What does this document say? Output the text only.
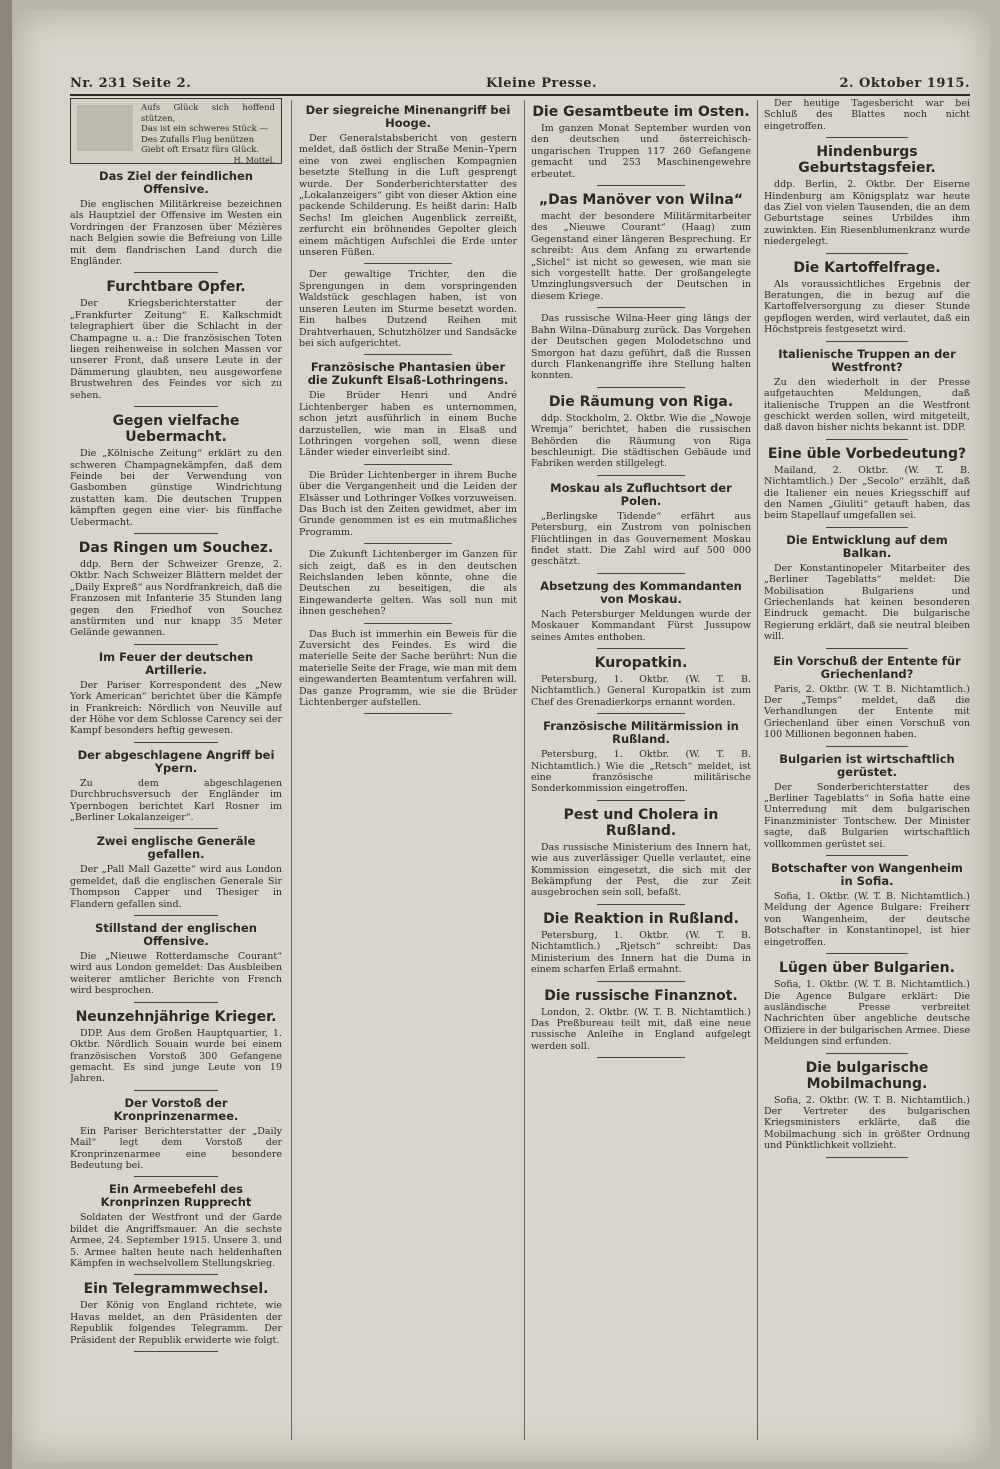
Nr. 231 Seite 2.	Kleine Presse.	2. Oktober 1915.
Aufs Glück sich hoffend stützen,
Das ist ein schweres Stück —
Des Zufalls Flug benützen
Giebt oft Ersatz fürs Glück.
H. Mottel.
Das Ziel der feindlichen Offensive.

Die englischen Militärkreise bezeichnen als Hauptziel der Offensive im Westen ein Vordringen der Franzosen über Mézières nach Belgien sowie die Befreiung von Lille mit dem flandrischen Land durch die Engländer.

Furchtbare Opfer.

Der Kriegsberichterstatter der „Frankfurter Zeitung“ E. Kalkschmidt telegraphiert über die Schlacht in der Champagne u. a.: Die französischen Toten liegen reihenweise in solchen Massen vor unserer Front, daß unsere Leute in der Dämmerung glaubten, neu ausgeworfene Brustwehren des Feindes vor sich zu sehen.

Gegen vielfache Uebermacht.

Die „Kölnische Zeitung“ erklärt zu den schweren Champagnekämpfen, daß dem Feinde bei der Verwendung von Gasbomben günstige Windrichtung zustatten kam. Die deutschen Truppen kämpften gegen eine vier- bis fünffache Uebermacht.

Das Ringen um Souchez.

ddp. Bern der Schweizer Grenze, 2. Oktbr. Nach Schweizer Blättern meldet der „Daily Expreß“ aus Nordfrankreich, daß die Franzosen mit Infanterie 35 Stunden lang gegen den Friedhof von Souchez anstürmten und nur knapp 35 Meter Gelände gewannen.

Im Feuer der deutschen Artillerie.

Der Pariser Korrespondent des „New York American“ berichtet über die Kämpfe in Frankreich: Nördlich von Neuville auf der Höhe vor dem Schlosse Carency sei der Kampf besonders heftig gewesen.

Der abgeschlagene Angriff bei Ypern.

Zu dem abgeschlagenen Durchbruchsversuch der Engländer im Ypernbogen berichtet Karl Rosner im „Berliner Lokalanzeiger“.

Zwei englische Generäle gefallen.

Der „Pall Mall Gazette“ wird aus London gemeldet, daß die englischen Generale Sir Thompson Capper und Thesiger in Flandern gefallen sind.

Stillstand der englischen Offensive.

Die „Nieuwe Rotterdamsche Courant“ wird aus London gemeldet: Das Ausbleiben weiterer amtlicher Berichte von French wird besprochen.

Neunzehnjährige Krieger.

DDP. Aus dem Großen Hauptquartier, 1. Oktbr. Nördlich Souain wurde bei einem französischen Vorstoß 300 Gefangene gemacht. Es sind junge Leute von 19 Jahren.

Der Vorstoß der Kronprinzenarmee.

Ein Pariser Berichterstatter der „Daily Mail“ legt dem Vorstoß der Kronprinzenarmee eine besondere Bedeutung bei.

Ein Armeebefehl des Kronprinzen Rupprecht

Soldaten der Westfront und der Garde bildet die Angriffsmauer. An die sechste Armee, 24. September 1915. Unsere 3. und 5. Armee halten heute nach heldenhaften Kämpfen in wechselvollem Stellungskrieg.

Ein Telegrammwechsel.

Der König von England richtete, wie Havas meldet, an den Präsidenten der Republik folgendes Telegramm. Der Präsident der Republik erwiderte wie folgt.

Der siegreiche Minenangriff bei Hooge.

Der Generalstabsbericht von gestern meldet, daß östlich der Straße Menin–Ypern eine von zwei englischen Kompagnien besetzte Stellung in die Luft gesprengt wurde. Der Sonderberichterstatter des „Lokalanzeigers“ gibt von dieser Aktion eine packende Schilderung. Es heißt darin: Halb Sechs! Im gleichen Augenblick zerreißt, zerfurcht ein bröhnendes Gepolter gleich einem mächtigen Aufschlei die Erde unter unseren Füßen.

Der gewaltige Trichter, den die Sprengungen in dem vorspringenden Waldstück geschlagen haben, ist von unseren Leuten im Sturme besetzt worden. Ein halbes Dutzend Reihen mit Drahtverhauen, Schutzhölzer und Sandsäcke bei sich aufgerichtet.

Französische Phantasien über die Zukunft Elsaß-Lothringens.

Die Brüder Henri und André Lichtenberger haben es unternommen, schon jetzt ausführlich in einem Buche darzustellen, wie man in Elsaß und Lothringen vorgehen soll, wenn diese Länder wieder einverleibt sind.

Die Brüder Lichtenberger in ihrem Buche über die Vergangenheit und die Leiden der Elsässer und Lothringer Volkes vorzuweisen. Das Buch ist den Zeiten gewidmet, aber im Grunde genommen ist es ein mutmaßliches Programm.

Die Zukunft Lichtenberger im Ganzen für sich zeigt, daß es in den deutschen Reichslanden leben könnte, ohne die Deutschen zu beseitigen, die als Eingewanderte gelten. Was soll nun mit ihnen geschehen?

Das Buch ist immerhin ein Beweis für die Zuversicht des Feindes. Es wird die materielle Seite der Sache berührt: Nun die materielle Seite der Frage, wie man mit dem eingewanderten Beamtentum verfahren will. Das ganze Programm, wie sie die Brüder Lichtenberger aufstellen.

Die Gesamtbeute im Osten.

Im ganzen Monat September wurden von den deutschen und österreichisch-ungarischen Truppen 117 260 Gefangene gemacht und 253 Maschinengewehre erbeutet.

„Das Manöver von Wilna“

macht der besondere Militärmitarbeiter des „Nieuwe Courant“ (Haag) zum Gegenstand einer längeren Besprechung. Er schreibt: Aus dem Anfang zu erwartende „Sichel“ ist nicht so gewesen, wie man sie sich vorgestellt hatte. Der großangelegte Umzinglungsversuch der Deutschen in diesem Kriege.

Das russische Wilna-Heer ging längs der Bahn Wilna–Dünaburg zurück. Das Vorgehen der Deutschen gegen Molodetschno und Smorgon hat dazu geführt, daß die Russen durch Flankenangriffe ihre Stellung halten konnten.

Die Räumung von Riga.

ddp. Stockholm, 2. Oktbr. Wie die „Nowoje Wremja“ berichtet, haben die russischen Behörden die Räumung von Riga beschleunigt. Die städtischen Gebäude und Fabriken werden stillgelegt.

Moskau als Zufluchtsort der Polen.

„Berlingske Tidende“ erfährt aus Petersburg, ein Zustrom von polnischen Flüchtlingen in das Gouvernement Moskau findet statt. Die Zahl wird auf 500 000 geschätzt.

Absetzung des Kommandanten von Moskau.

Nach Petersburger Meldungen wurde der Moskauer Kommandant Fürst Jussupow seines Amtes enthoben.

Kuropatkin.

Petersburg, 1. Oktbr. (W. T. B. Nichtamtlich.) General Kuropatkin ist zum Chef des Grenadierkorps ernannt worden.

Französische Militärmission in Rußland.

Petersburg, 1. Oktbr. (W. T. B. Nichtamtlich.) Wie die „Retsch“ meldet, ist eine französische militärische Sonderkommission eingetroffen.

Pest und Cholera in Rußland.

Das russische Ministerium des Innern hat, wie aus zuverlässiger Quelle verlautet, eine Kommission eingesetzt, die sich mit der Bekämpfung der Pest, die zur Zeit ausgebrochen sein soll, befaßt.

Die Reaktion in Rußland.

Petersburg, 1. Oktbr. (W. T. B. Nichtamtlich.) „Rjetsch“ schreibt: Das Ministerium des Innern hat die Duma in einem scharfen Erlaß ermahnt.

Die russische Finanznot.

London, 2. Oktbr. (W. T. B. Nichtamtlich.) Das Preßbureau teilt mit, daß eine neue russische Anleihe in England aufgelegt werden soll.

Der heutige Tagesbericht war bei Schluß des Blattes noch nicht eingetroffen.

Hindenburgs Geburtstagsfeier.

ddp. Berlin, 2. Oktbr. Der Eiserne Hindenburg am Königsplatz war heute das Ziel von vielen Tausenden, die an dem Geburtstage seines Urbildes ihm zuwinkten. Ein Riesenblumenkranz wurde niedergelegt.

Die Kartoffelfrage.

Als voraussichtliches Ergebnis der Beratungen, die in bezug auf die Kartoffelversorgung zu dieser Stunde gepflogen werden, wird verlautet, daß ein Höchstpreis festgesetzt wird.

Italienische Truppen an der Westfront?

Zu den wiederholt in der Presse aufgetauchten Meldungen, daß italienische Truppen an die Westfront geschickt werden sollen, wird mitgeteilt, daß davon bisher nichts bekannt ist. DDP.

Eine üble Vorbedeutung?

Mailand, 2. Oktbr. (W. T. B. Nichtamtlich.) Der „Secolo“ erzählt, daß die Italiener ein neues Kriegsschiff auf den Namen „Giuliti“ getauft haben, das beim Stapellauf umgefallen sei.

Die Entwicklung auf dem Balkan.

Der Konstantinopeler Mitarbeiter des „Berliner Tageblatts“ meldet: Die Mobilisation Bulgariens und Griechenlands hat keinen besonderen Eindruck gemacht. Die bulgarische Regierung erklärt, daß sie neutral bleiben will.

Ein Vorschuß der Entente für Griechenland?

Paris, 2. Oktbr. (W. T. B. Nichtamtlich.) Der „Temps“ meldet, daß die Verhandlungen der Entente mit Griechenland über einen Vorschuß von 100 Millionen begonnen haben.

Bulgarien ist wirtschaftlich gerüstet.

Der Sonderberichterstatter des „Berliner Tageblatts“ in Sofia hatte eine Unterredung mit dem bulgarischen Finanzminister Tontschew. Der Minister sagte, daß Bulgarien wirtschaftlich vollkommen gerüstet sei.

Botschafter von Wangenheim in Sofia.

Sofia, 1. Oktbr. (W. T. B. Nichtamtlich.) Meldung der Agence Bulgare: Freiherr von Wangenheim, der deutsche Botschafter in Konstantinopel, ist hier eingetroffen.

Lügen über Bulgarien.

Sofia, 1. Oktbr. (W. T. B. Nichtamtlich.) Die Agence Bulgare erklärt: Die ausländische Presse verbreitet Nachrichten über angebliche deutsche Offiziere in der bulgarischen Armee. Diese Meldungen sind erfunden.

Die bulgarische Mobilmachung.

Sofia, 2. Oktbr. (W. T. B. Nichtamtlich.) Der Vertreter des bulgarischen Kriegsministers erklärte, daß die Mobilmachung sich in größter Ordnung und Pünktlichkeit vollzieht.
